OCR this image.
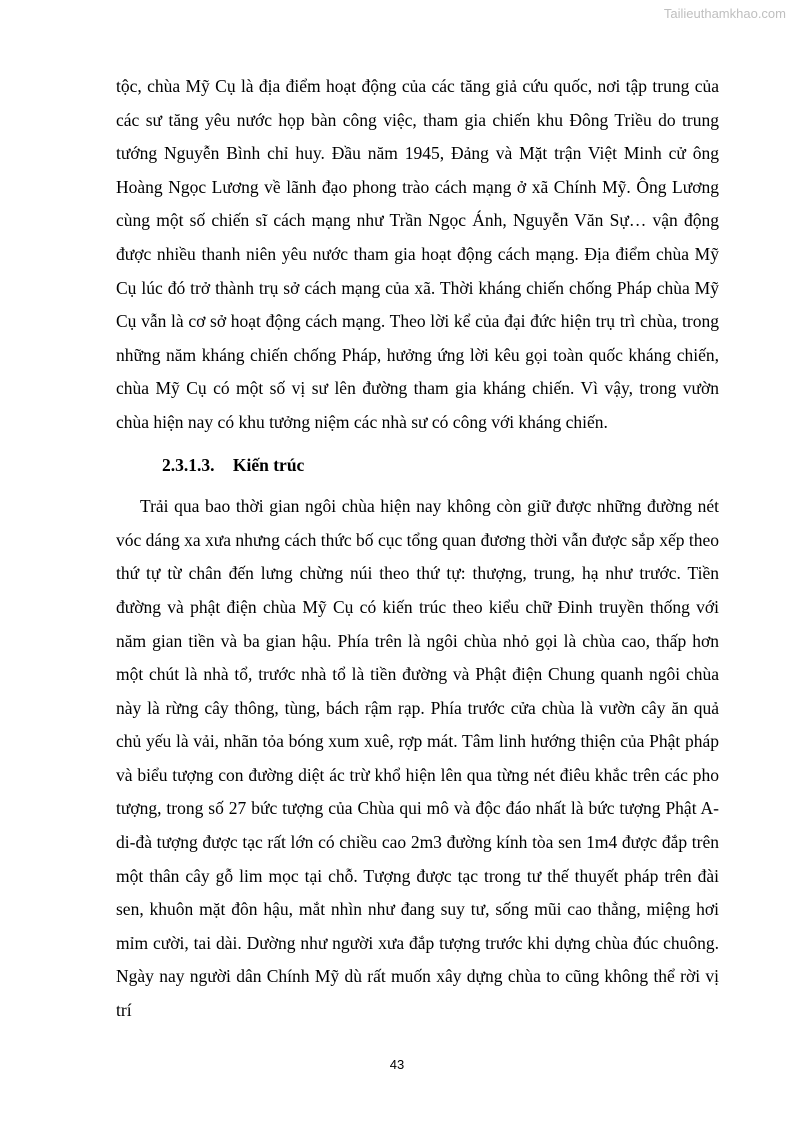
Tailieuthamkhao.com

tộc, chùa Mỹ Cụ là địa điểm hoạt động của các tăng giả cứu quốc, nơi tập trung của các sư tăng yêu nước họp bàn công việc, tham gia chiến khu Đông Triều do trung tướng Nguyễn Bình chỉ huy. Đầu năm 1945, Đảng và Mặt trận Việt Minh cử ông Hoàng Ngọc Lương về lãnh đạo phong trào cách mạng ở xã Chính Mỹ. Ông Lương cùng một số chiến sĩ cách mạng như Trần Ngọc Ánh, Nguyễn Văn Sự… vận động được nhiều thanh niên yêu nước tham gia hoạt động cách mạng. Địa điểm chùa Mỹ Cụ lúc đó trở thành trụ sở cách mạng của xã. Thời kháng chiến chống Pháp chùa Mỹ Cụ vẫn là cơ sở hoạt động cách mạng. Theo lời kể của đại đức hiện trụ trì chùa, trong những năm kháng chiến chống Pháp, hưởng ứng lời kêu gọi toàn quốc kháng chiến, chùa Mỹ Cụ có một số vị sư lên đường tham gia kháng chiến. Vì vậy, trong vườn chùa hiện nay có khu tưởng niệm các nhà sư có công với kháng chiến.

2.3.1.3. Kiến trúc

Trải qua bao thời gian ngôi chùa hiện nay không còn giữ được những đường nét vóc dáng xa xưa nhưng cách thức bố cục tổng quan đương thời vẫn được sắp xếp theo thứ tự từ chân đến lưng chừng núi theo thứ tự: thượng, trung, hạ như trước. Tiền đường và phật điện chùa Mỹ Cụ có kiến trúc theo kiểu chữ Đinh truyền thống với năm gian tiền và ba gian hậu. Phía trên là ngôi chùa nhỏ gọi là chùa cao, thấp hơn một chút là nhà tổ, trước nhà tổ là tiền đường và Phật điện Chung quanh ngôi chùa này là rừng cây thông, tùng, bách rậm rạp. Phía trước cửa chùa là vườn cây ăn quả chủ yếu là vải, nhãn tỏa bóng xum xuê, rợp mát. Tâm linh hướng thiện của Phật pháp và biểu tượng con đường diệt ác trừ khổ hiện lên qua từng nét điêu khắc trên các pho tượng, trong số 27 bức tượng của Chùa qui mô và độc đáo nhất là bức tượng Phật A-di-đà tượng được tạc rất lớn có chiều cao 2m3 đường kính tòa sen 1m4 được đắp trên một thân cây gỗ lim mọc tại chỗ. Tượng được tạc trong tư thế thuyết pháp trên đài sen, khuôn mặt đôn hậu, mắt nhìn như đang suy tư, sống mũi cao thẳng, miệng hơi mỉm cười, tai dài. Dường như người xưa đắp tượng trước khi dựng chùa đúc chuông. Ngày nay người dân Chính Mỹ dù rất muốn xây dựng chùa to cũng không thể rời vị trí

43
